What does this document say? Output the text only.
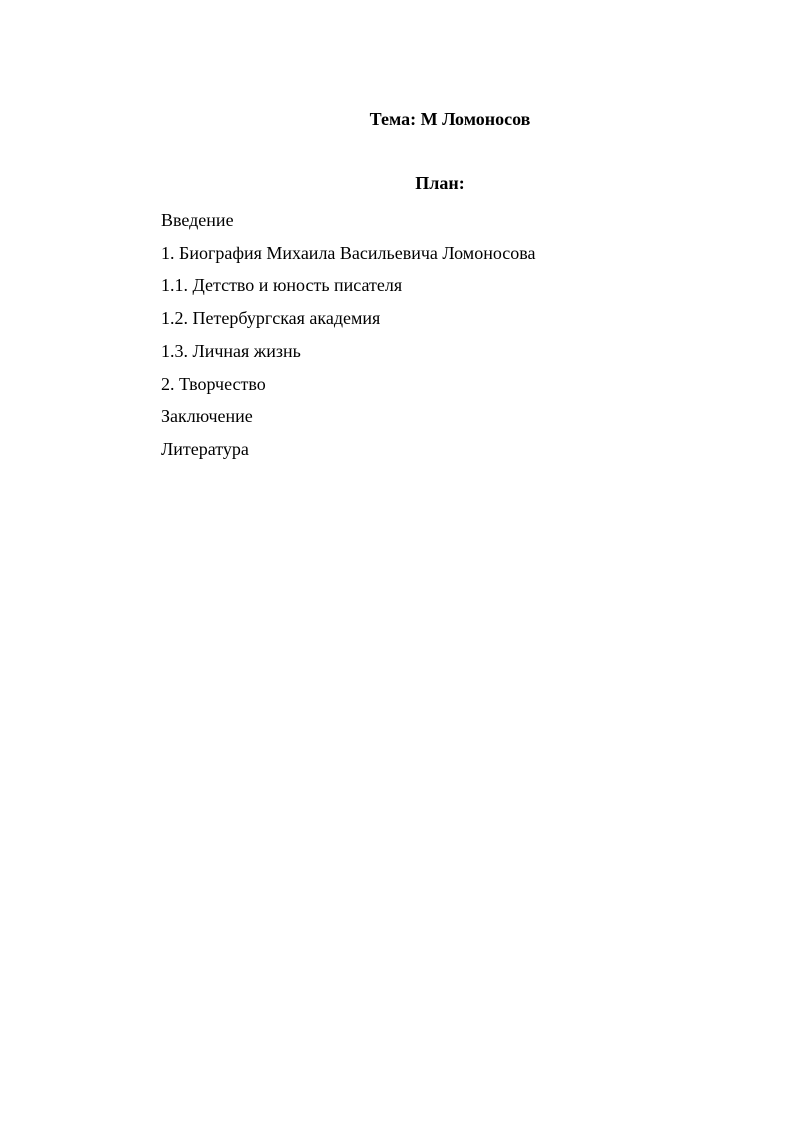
Тема: М Ломоносов
План:
Введение
1. Биография Михаила Васильевича Ломоносова
1.1. Детство и юность писателя
1.2. Петербургская академия
1.3. Личная жизнь
2. Творчество
Заключение
Литература
